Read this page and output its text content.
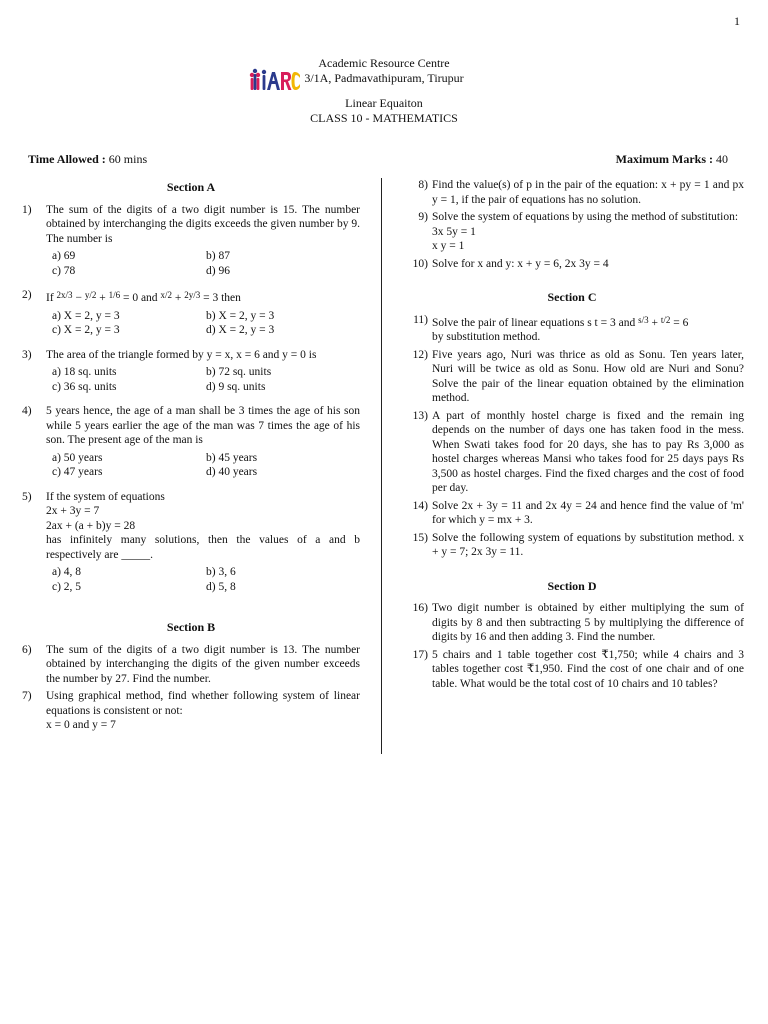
1
Academic Resource Centre
3/1A, Padmavathipuram, Tirupur
Linear Equaiton
CLASS 10 - MATHEMATICS
Time Allowed : 60 mins	Maximum Marks : 40
Section A
1)	The sum of the digits of a two digit number is 15. The number obtained by interchanging the digits exceeds the given number by 9. The number is
a) 69	b) 87
c) 78	d) 96
2)	If $^{2x/3}$ − $^{y/2}$ + $^{1/6}$ = 0 and $^{x/2}$ + $^{2y/3}$ = 3 then
a) X = 2, y = 3	b) X = 2, y = 3
c) X = 2, y = 3	d) X = 2, y = 3
3)	The area of the triangle formed by y = x, x = 6 and y = 0 is
a) 18 sq. units	b) 72 sq. units
c) 36 sq. units	d) 9 sq. units
4)	5 years hence, the age of a man shall be 3 times the age of his son while 5 years earlier the age of the man was 7 times the age of his son. The present age of the man is
a) 50 years	b) 45 years
c) 47 years	d) 40 years
5)	If the system of equations
2x + 3y = 7
2ax + (a + b)y = 28
has infinitely many solutions, then the values of a and b respectively are _____.
a) 4, 8	b) 3, 6
c) 2, 5	d) 5, 8
Section B
6)	The sum of the digits of a two digit number is 13. The number obtained by interchanging the digits of the given number exceeds the number by 27. Find the number.
7)	Using graphical method, find whether following system of linear equations is consistent or not:
x = 0 and y = 7
8) Find the value(s) of p in the pair of the equation: x + py = 1 and px y = 1, if the pair of equations has no solution.
9) Solve the system of equations by using the method of substitution:
3x 5y = 1
x y = 1
10) Solve for x and y: x + y = 6, 2x 3y = 4
Section C
11) Solve the pair of linear equations s t = 3 and $^{s/3}$ + $^{t/2}$ = 6
by substitution method.
12) Five years ago, Nuri was thrice as old as Sonu. Ten years later, Nuri will be twice as old as Sonu. How old are Nuri and Sonu? Solve the pair of the linear equation obtained by the elimination method.
13) A part of monthly hostel charge is fixed and the remain ing depends on the number of days one has taken food in the mess. When Swati takes food for 20 days, she has to pay Rs 3,000 as hostel charges whereas Mansi who takes food for 25 days pays Rs 3,500 as hostel charges. Find the fixed charges and the cost of food per day.
14) Solve 2x + 3y = 11 and 2x 4y = 24 and hence find the value of 'm' for which y = mx + 3.
15) Solve the following system of equations by substitution method. x + y = 7; 2x 3y = 11.
Section D
16) Two digit number is obtained by either multiplying the sum of digits by 8 and then subtracting 5 by multiplying the difference of digits by 16 and then adding 3. Find the number.
17) 5 chairs and 1 table together cost ₹1,750; while 4 chairs and 3 tables together cost ₹1,950. Find the cost of one chair and of one table. What would be the total cost of 10 chairs and 10 tables?
